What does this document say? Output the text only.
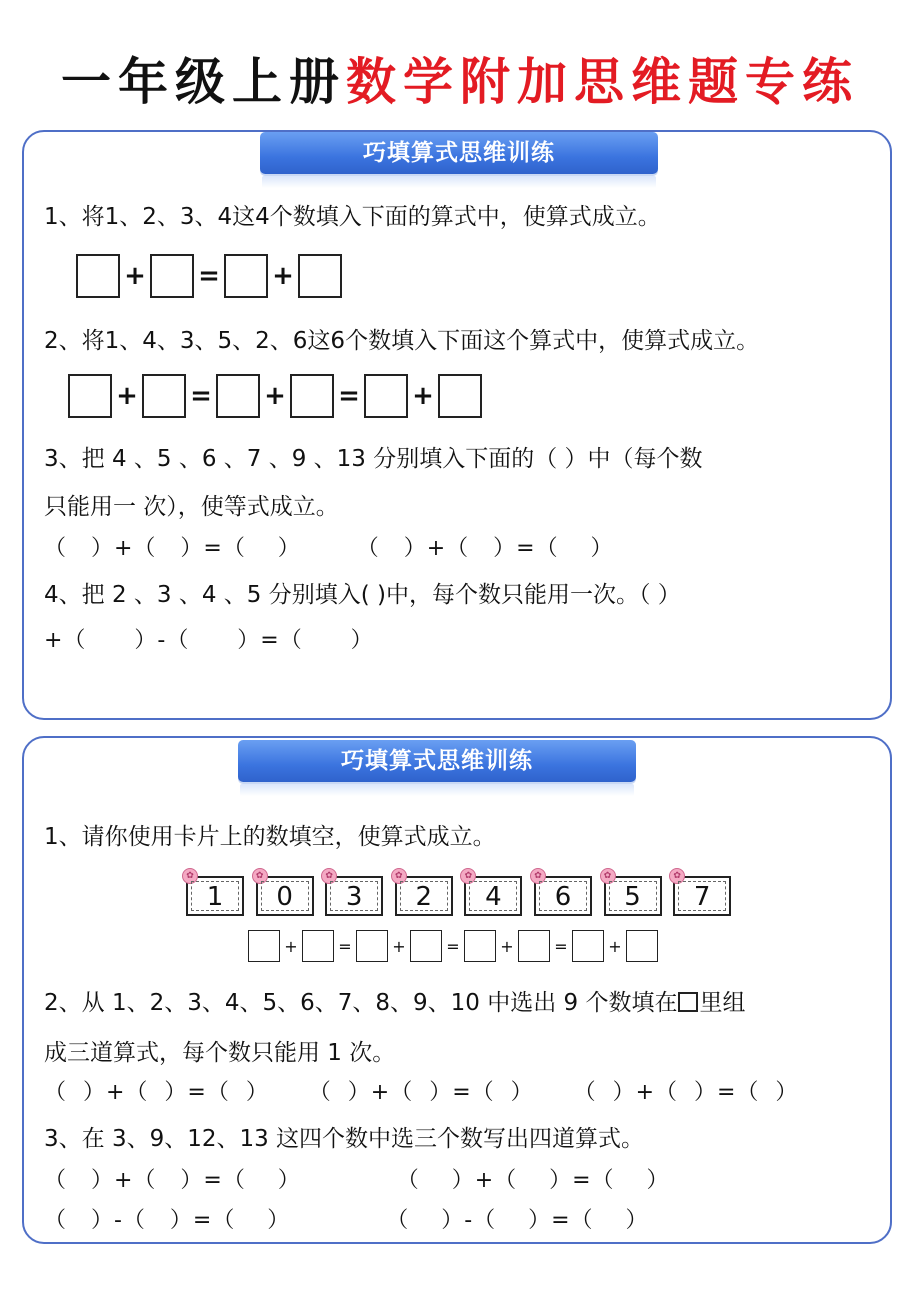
一年级上册数学附加思维题专练
巧填算式思维训练
1、将1、2、3、4这4个数填入下面的算式中，使算式成立。
+ = +
2、将1、4、3、5、2、6这6个数填入下面这个算式中，使算式成立。
+ = + = +
3、把 4 、5 、6 、7 、9 、13 分别填入下面的（ ）中（每个数
只能用一 次），使等式成立。
（   ）+（   ）=（    ）       （   ）+（   ）=（    ）
4、把 2 、3 、4 、5 分别填入( )中，每个数只能用一次。（ ）
+（      ）-（      ）=（      ）
巧填算式思维训练
1、请你使用卡片上的数填空，使算式成立。
✿
1
✿
0
✿
3
✿
2
✿
4
✿
6
✿
5
✿
7
+	=	+	=	+	=	+
2、从 1、2、3、4、5、6、7、8、9、10 中选出 9 个数填在 里组
成三道算式，每个数只能用 1 次。
（  ）+（  ）=（  ）     （  ）+（  ）=（  ）     （  ）+（  ）=（  ）
3、在 3、9、12、13 这四个数中选三个数写出四道算式。
（   ）+（   ）=（    ）            （    ）+（    ）=（    ）
（   ）-（   ）=（    ）            （    ）-（    ）=（    ）
